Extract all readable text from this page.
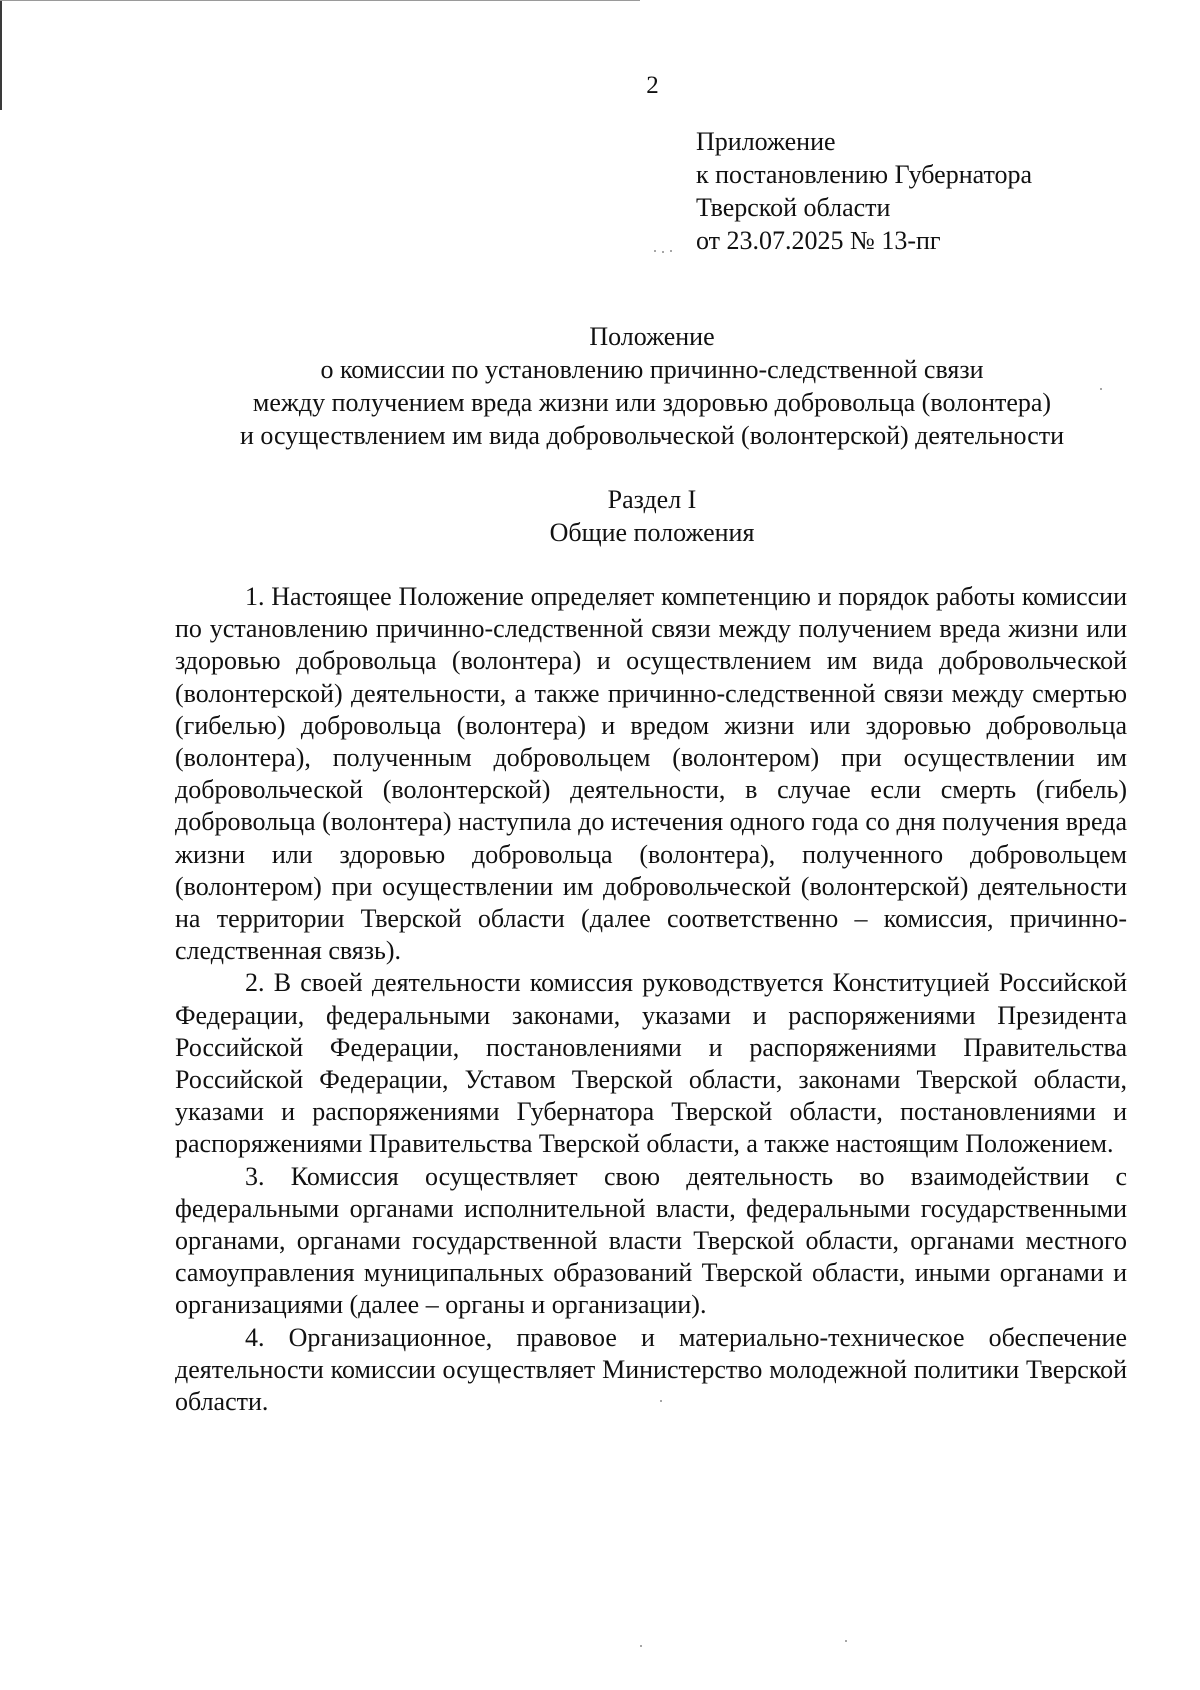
2
Приложение
к постановлению Губернатора
Тверской области
от 23.07.2025 № 13-пг
Положение
о комиссии по установлению причинно-следственной связи
между получением вреда жизни или здоровью добровольца (волонтера)
и осуществлением им вида добровольческой (волонтерской) деятельности
Раздел I
Общие положения

1. Настоящее Положение определяет компетенцию и порядок работы комиссии по установлению причинно-следственной связи между получением вреда жизни или здоровью добровольца (волонтера) и осуществлением им вида добровольческой (волонтерской) деятельности, а также причинно-следственной связи между смертью (гибелью) добровольца (волонтера) и вредом жизни или здоровью добровольца (волонтера), полученным добровольцем (волонтером) при осуществлении им добровольческой (волонтерской) деятельности, в случае если смерть (гибель) добровольца (волонтера) наступила до истечения одного года со дня получения вреда жизни или здоровью добровольца (волонтера), полученного добровольцем (волонтером) при осуществлении им добровольческой (волонтерской) деятельности на территории Тверской области (далее соответственно – комиссия, причинно-следственная связь).

2. В своей деятельности комиссия руководствуется Конституцией Российской Федерации, федеральными законами, указами и распоряжениями Президента Российской Федерации, постановлениями и распоряжениями Правительства Российской Федерации, Уставом Тверской области, законами Тверской области, указами и распоряжениями Губернатора Тверской области, постановлениями и распоряжениями Правительства Тверской области, а также настоящим Положением.

3. Комиссия осуществляет свою деятельность во взаимодействии с федеральными органами исполнительной власти, федеральными государственными органами, органами государственной власти Тверской области, органами местного самоуправления муниципальных образований Тверской области, иными органами и организациями (далее – органы и организации).

4. Организационное, правовое и материально-техническое обеспечение деятельности комиссии осуществляет Министерство молодежной политики Тверской области.
